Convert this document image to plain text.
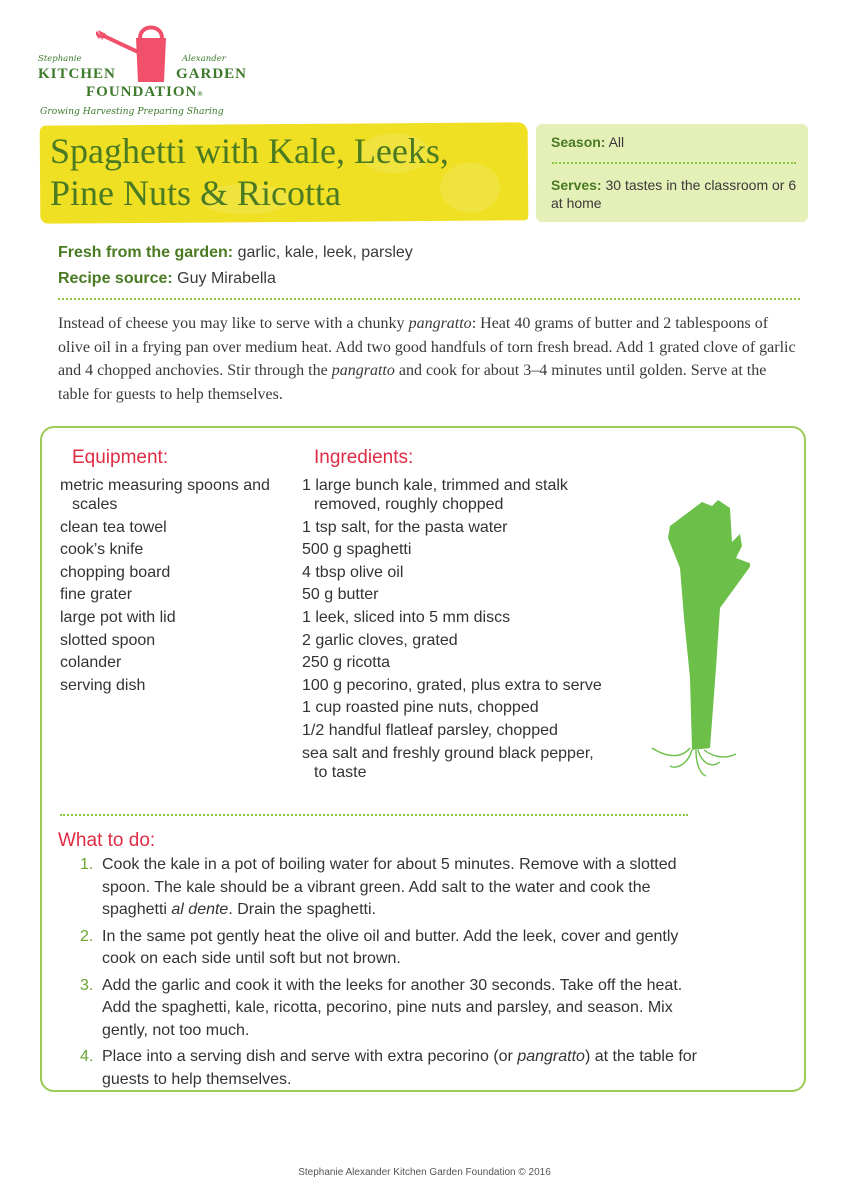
Stephanie	Alexander
KITCHEN	GARDEN
FOUNDATION®
Growing Harvesting Preparing Sharing
Spaghetti with Kale, Leeks, Pine Nuts & Ricotta
Season: All
Serves: 30 tastes in the classroom or 6 at home
Fresh from the garden: garlic, kale, leek, parsley
Recipe source: Guy Mirabella

Instead of cheese you may like to serve with a chunky pangratto: Heat 40 grams of butter and 2 tablespoons of olive oil in a frying pan over medium heat. Add two good handfuls of torn fresh bread. Add 1 grated clove of garlic and 4 chopped anchovies. Stir through the pangratto and cook for about 3–4 minutes until golden. Serve at the table for guests to help themselves.

Equipment:
metric measuring spoons and scales
clean tea towel
cook’s knife
chopping board
fine grater
large pot with lid
slotted spoon
colander
serving dish
Ingredients:
1 large bunch kale, trimmed and stalk removed, roughly chopped
1 tsp salt, for the pasta water
500 g spaghetti
4 tbsp olive oil
50 g butter
1 leek, sliced into 5 mm discs
2 garlic cloves, grated
250 g ricotta
100 g pecorino, grated, plus extra to serve
1 cup roasted pine nuts, chopped
1/2 handful flatleaf parsley, chopped
sea salt and freshly ground black pepper, to taste
What to do:
1. Cook the kale in a pot of boiling water for about 5 minutes. Remove with a slotted spoon. The kale should be a vibrant green. Add salt to the water and cook the spaghetti al dente. Drain the spaghetti.
2. In the same pot gently heat the olive oil and butter. Add the leek, cover and gently cook on each side until soft but not brown.
3. Add the garlic and cook it with the leeks for another 30 seconds. Take off the heat. Add the spaghetti, kale, ricotta, pecorino, pine nuts and parsley, and season. Mix gently, not too much.
4. Place into a serving dish and serve with extra pecorino (or pangratto) at the table for guests to help themselves.
Stephanie Alexander Kitchen Garden Foundation © 2016
